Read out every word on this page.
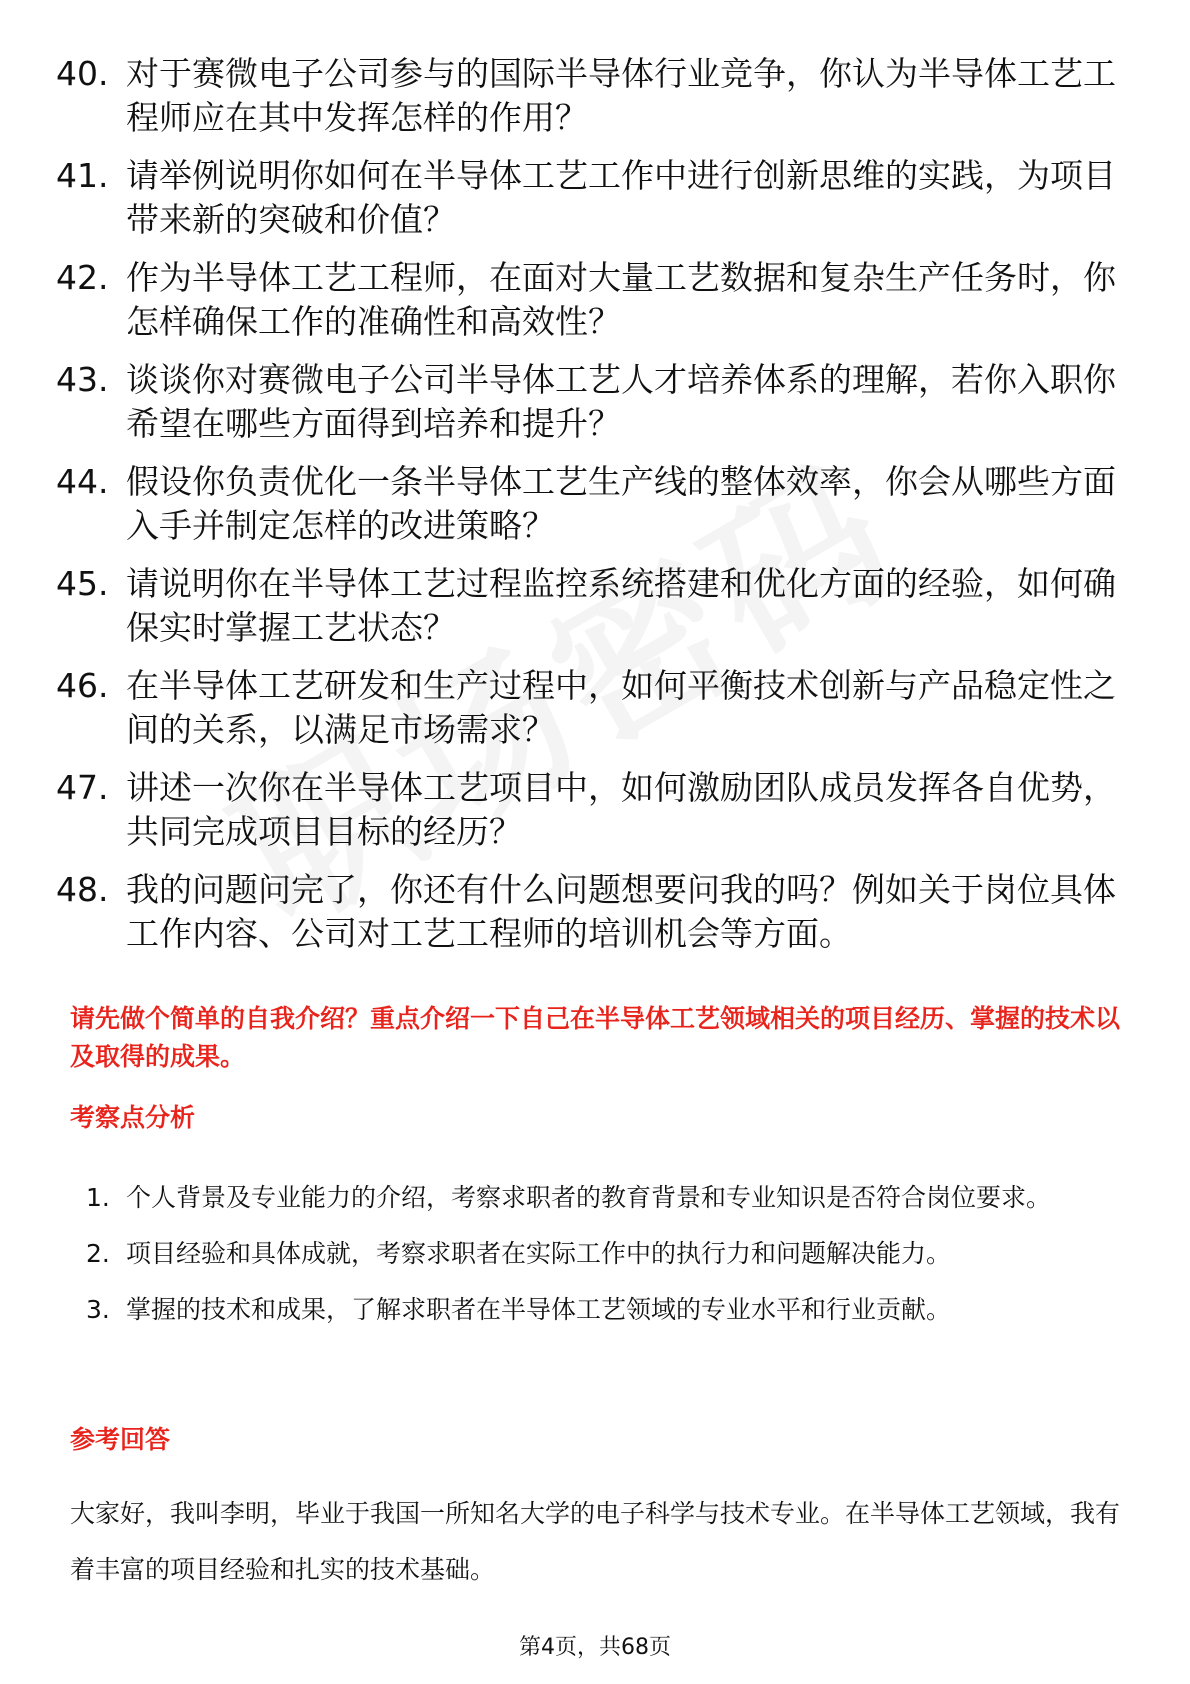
40. 对于赛微电子公司参与的国际半导体行业竞争，你认为半导体工艺工程师应在其中发挥怎样的作用？
41. 请举例说明你如何在半导体工艺工作中进行创新思维的实践，为项目带来新的突破和价值？
42. 作为半导体工艺工程师，在面对大量工艺数据和复杂生产任务时，你怎样确保工作的准确性和高效性？
43. 谈谈你对赛微电子公司半导体工艺人才培养体系的理解，若你入职你希望在哪些方面得到培养和提升？
44. 假设你负责优化一条半导体工艺生产线的整体效率，你会从哪些方面入手并制定怎样的改进策略？
45. 请说明你在半导体工艺过程监控系统搭建和优化方面的经验，如何确保实时掌握工艺状态？
46. 在半导体工艺研发和生产过程中，如何平衡技术创新与产品稳定性之间的关系，以满足市场需求？
47. 讲述一次你在半导体工艺项目中，如何激励团队成员发挥各自优势，共同完成项目目标的经历？
48. 我的问题问完了，你还有什么问题想要问我的吗？例如关于岗位具体工作内容、公司对工艺工程师的培训机会等方面。
请先做个简单的自我介绍？重点介绍一下自己在半导体工艺领域相关的项目经历、掌握的技术以及取得的成果。
考察点分析
1. 个人背景及专业能力的介绍，考察求职者的教育背景和专业知识是否符合岗位要求。
2. 项目经验和具体成就，考察求职者在实际工作中的执行力和问题解决能力。
3. 掌握的技术和成果，了解求职者在半导体工艺领域的专业水平和行业贡献。
参考回答
大家好，我叫李明，毕业于我国一所知名大学的电子科学与技术专业。在半导体工艺领域，我有着丰富的项目经验和扎实的技术基础。
第4页，共68页
